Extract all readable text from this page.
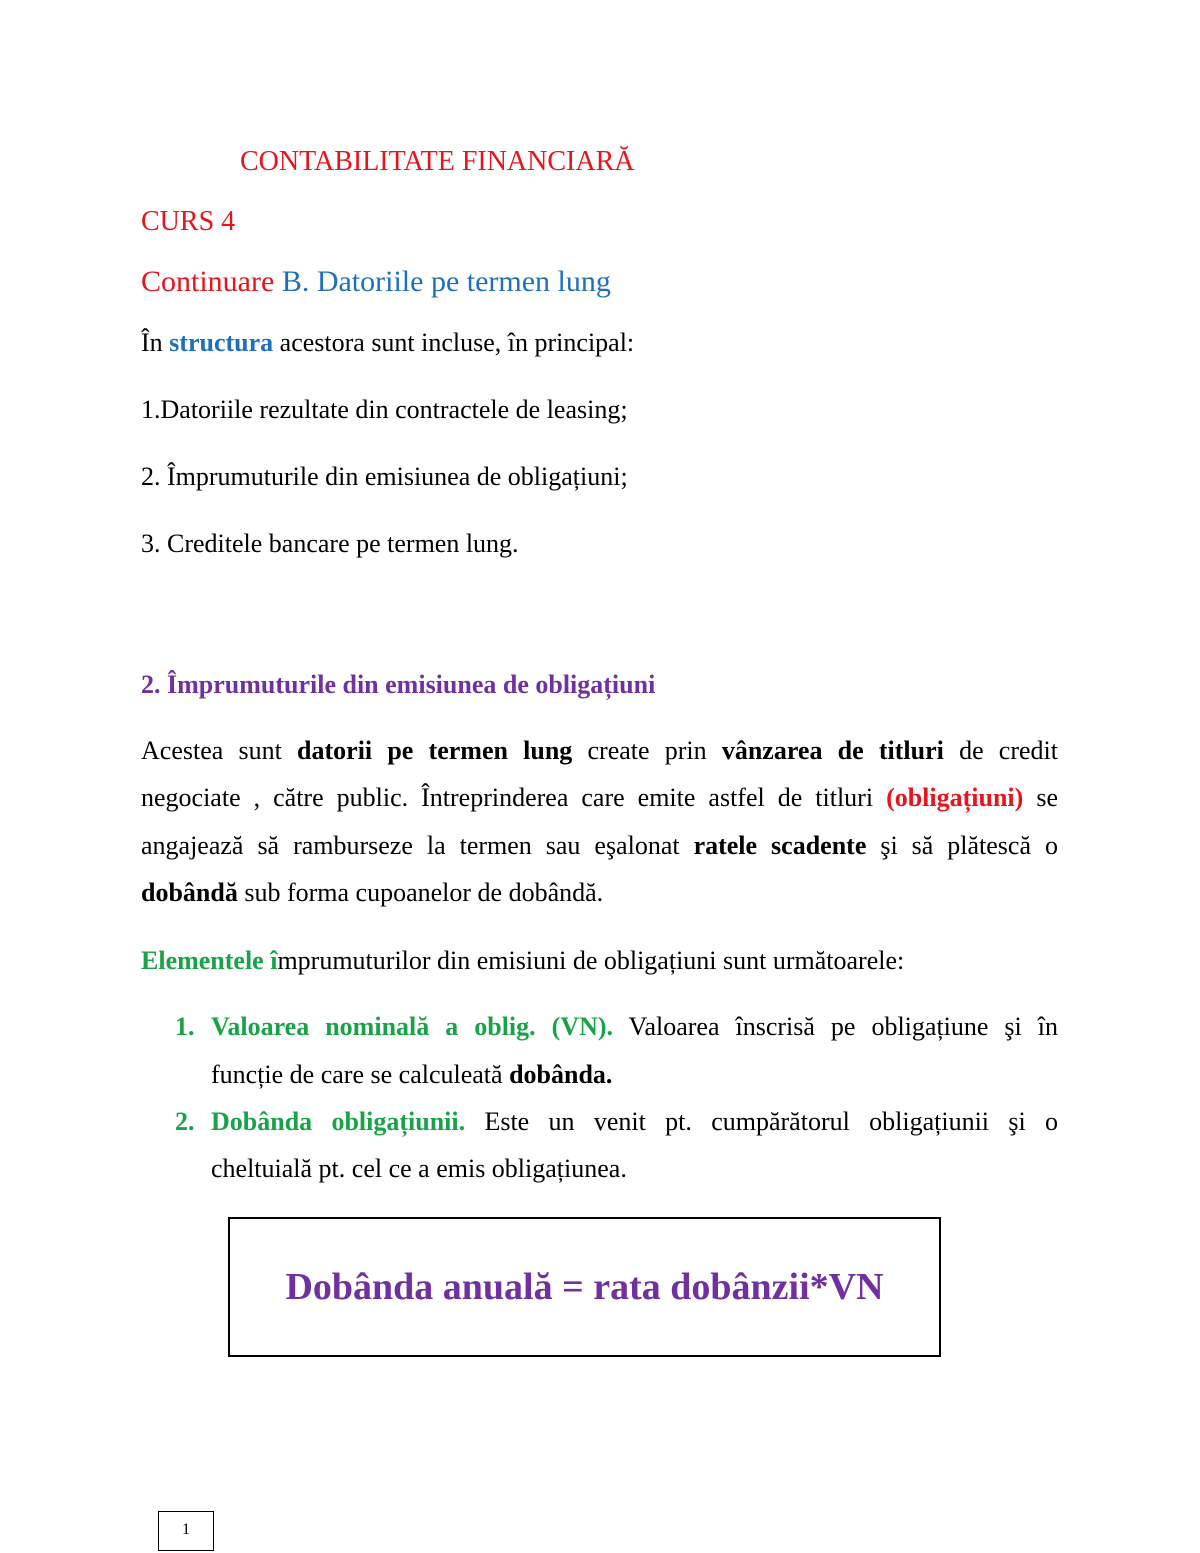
CONTABILITATE FINANCIARĂ
CURS 4
Continuare B. Datoriile pe termen lung
În structura acestora sunt incluse, în principal:
1.Datoriile rezultate din contractele de leasing;
2. Împrumuturile din emisiunea de obligațiuni;
3. Creditele bancare pe termen lung.
2. Împrumuturile din emisiunea de obligațiuni
Acestea sunt datorii pe termen lung create prin vânzarea de titluri de credit
negociate , către public. Întreprinderea care emite astfel de titluri (obligațiuni) se
angajează să ramburseze la termen sau eşalonat ratele scadente şi să plătescă o
dobândă sub forma cupoanelor de dobândă.
Elementele împrumuturilor din emisiuni de obligațiuni sunt următoarele:
1. Valoarea nominală a oblig. (VN). Valoarea înscrisă pe obligațiune şi în
funcție de care se calculeată dobânda.
2. Dobânda obligațiunii. Este un venit pt. cumpărătorul obligațiunii şi o
cheltuială pt. cel ce a emis obligațiunea.
Dobânda anuală = rata dobânzii*VN
1
